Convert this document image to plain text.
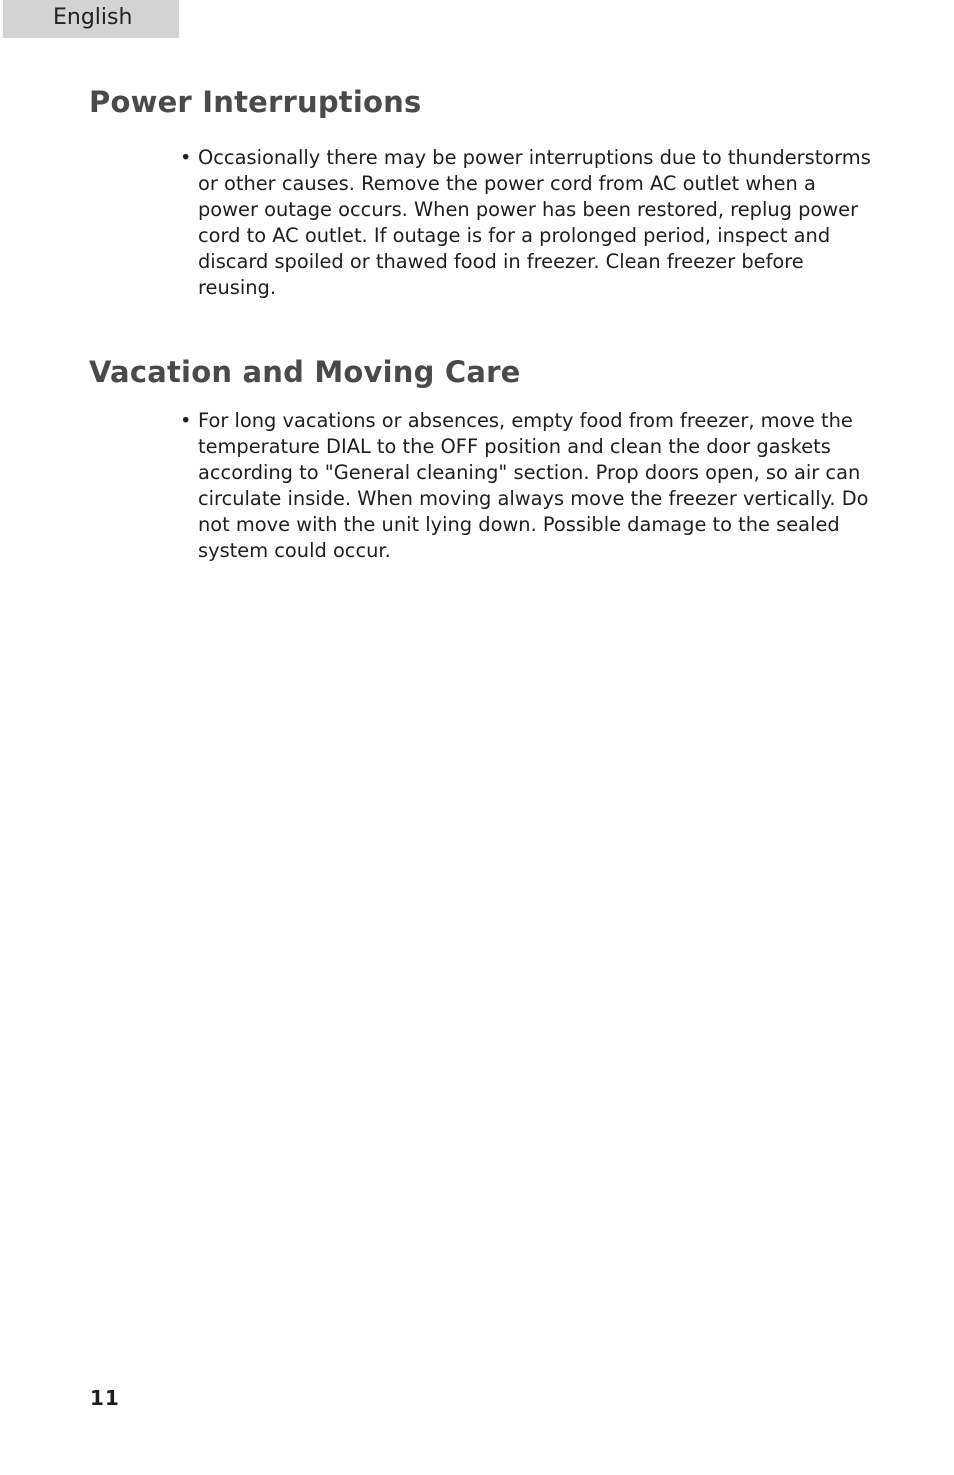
English
Power Interruptions
• Occasionally there may be power interruptions due to thunderstorms or other causes. Remove the power cord from AC outlet when a power outage occurs. When power has been restored, replug power cord to AC outlet. If outage is for a prolonged period, inspect and discard spoiled or thawed food in freezer. Clean freezer before reusing.

Vacation and Moving Care
• For long vacations or absences, empty food from freezer, move the temperature DIAL to the OFF position and clean the door gaskets according to "General cleaning" section. Prop doors open, so air can circulate inside. When moving always move the freezer vertically. Do not move with the unit lying down. Possible damage to the sealed system could occur.

11
